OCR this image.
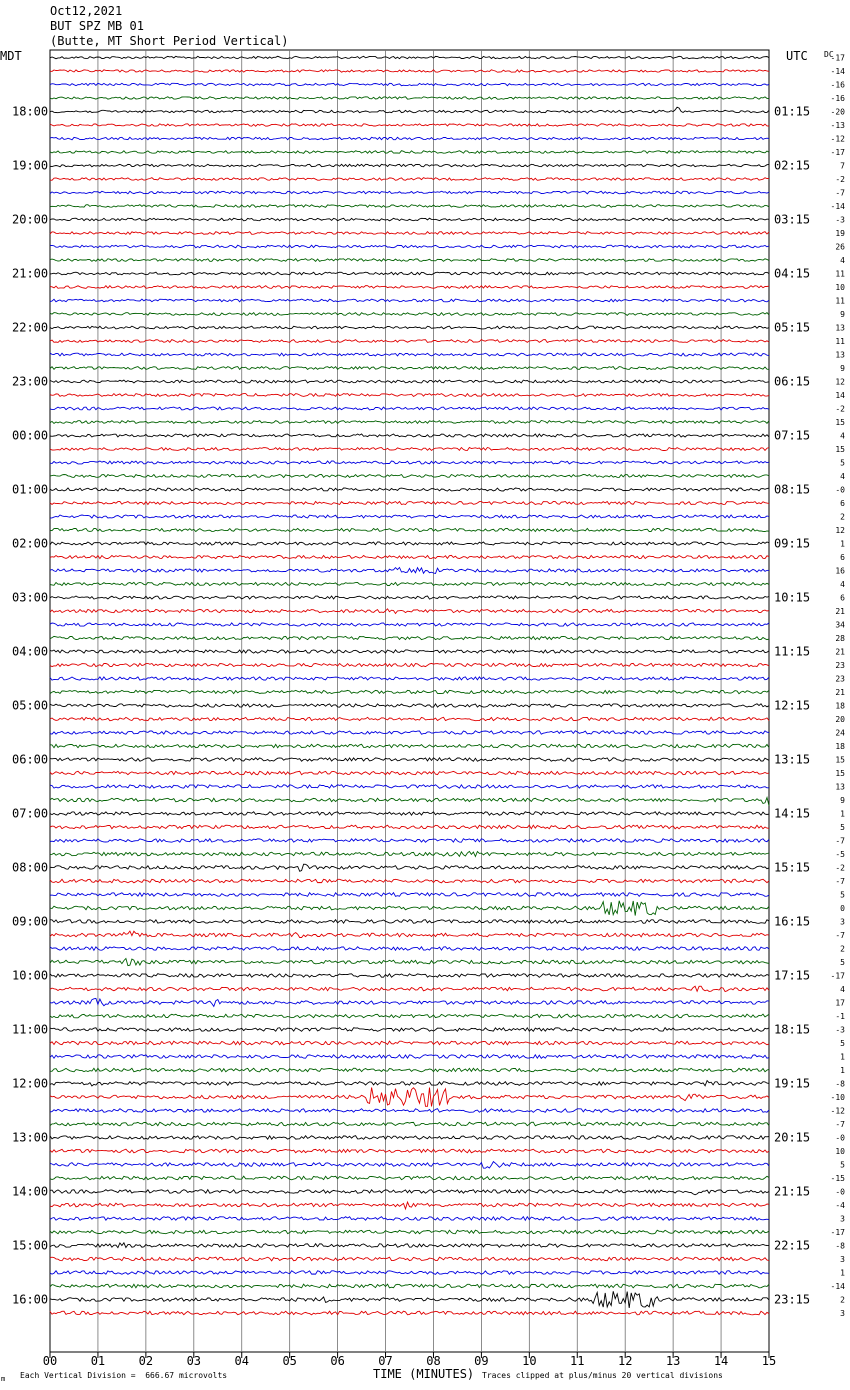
Oct12,2021
BUT SPZ MB 01
(Butte, MT Short Period Vertical)
MDT	UTC DC
TIME (MINUTES)
Each Vertical Division =  666.67 microvolts	Traces clipped at plus/minus 20 vertical divisions
m
00	01	02	03	04	05	06	07	08	09	10	11	12	13	14	15
-17
-14
-16
-16
-20
-13
-12
-17
7
-2
-7
-14
-3
19
26
4
11
10
11
9
13
11
13
9
12
14
-2
15
4
15
5
4
-0
6
2
12
1
6
16
4
6
21
34
28
21
23
23
21
18
20
24
18
15
15
13
9
1
5
-7
-5
-2
-7
5
0
3
-7
2
5
-17
4
17
-1
-3
5
1
1
-8
-10
-12
-7
-0
10
5
-15
-0
-4
3
-17
-8
3
1
-14
2
3
18:00	01:15
19:00	02:15
20:00	03:15
21:00	04:15
22:00	05:15
23:00	06:15
00:00	07:15
01:00	08:15
02:00	09:15
03:00	10:15
04:00	11:15
05:00	12:15
06:00	13:15
07:00	14:15
08:00	15:15
09:00	16:15
10:00	17:15
11:00	18:15
12:00	19:15
13:00	20:15
14:00	21:15
15:00	22:15
16:00	23:15
